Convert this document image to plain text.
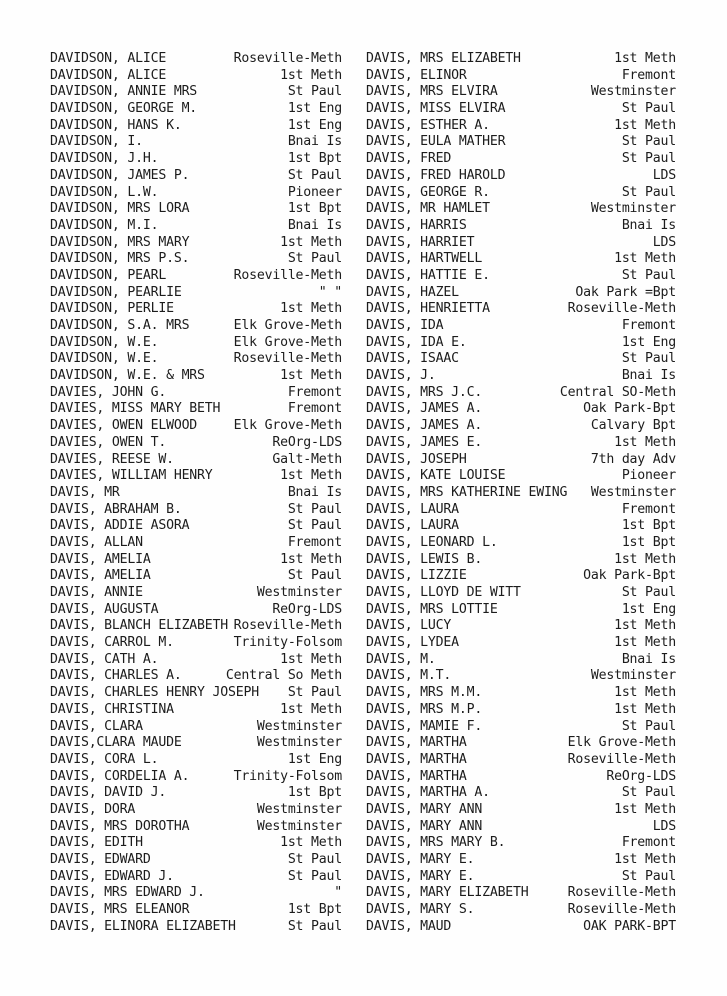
DAVIDSON, ALICE	Roseville-Meth
DAVIDSON, ALICE	1st Meth
DAVIDSON, ANNIE MRS	St Paul
DAVIDSON, GEORGE M.	1st Eng
DAVIDSON, HANS K.	1st Eng
DAVIDSON, I.	Bnai Is
DAVIDSON, J.H.	1st Bpt
DAVIDSON, JAMES P.	St Paul
DAVIDSON, L.W.	Pioneer
DAVIDSON, MRS LORA	1st Bpt
DAVIDSON, M.I.	Bnai Is
DAVIDSON, MRS MARY	1st Meth
DAVIDSON, MRS P.S.	St Paul
DAVIDSON, PEARL	Roseville-Meth
DAVIDSON, PEARLIE	" "
DAVIDSON, PERLIE	1st Meth
DAVIDSON, S.A. MRS	Elk Grove-Meth
DAVIDSON, W.E.	Elk Grove-Meth
DAVIDSON, W.E.	Roseville-Meth
DAVIDSON, W.E. & MRS	1st Meth
DAVIES, JOHN G.	Fremont
DAVIES, MISS MARY BETH	Fremont
DAVIES, OWEN ELWOOD	Elk Grove-Meth
DAVIES, OWEN T.	ReOrg-LDS
DAVIES, REESE W.	Galt-Meth
DAVIES, WILLIAM HENRY	1st Meth
DAVIS, MR	Bnai Is
DAVIS, ABRAHAM B.	St Paul
DAVIS, ADDIE ASORA	St Paul
DAVIS, ALLAN	Fremont
DAVIS, AMELIA	1st Meth
DAVIS, AMELIA	St Paul
DAVIS, ANNIE	Westminster
DAVIS, AUGUSTA	ReOrg-LDS
DAVIS, BLANCH ELIZABETH Roseville-Meth
DAVIS, CARROL M.	Trinity-Folsom
DAVIS, CATH A.	1st Meth
DAVIS, CHARLES A.	Central So Meth
DAVIS, CHARLES HENRY JOSEPH St Paul
DAVIS, CHRISTINA	1st Meth
DAVIS, CLARA	Westminster
DAVIS,CLARA MAUDE	Westminster
DAVIS, CORA L.	1st Eng
DAVIS, CORDELIA A.	Trinity-Folsom
DAVIS, DAVID J.	1st Bpt
DAVIS, DORA	Westminster
DAVIS, MRS DOROTHA	Westminster
DAVIS, EDITH	1st Meth
DAVIS, EDWARD	St Paul
DAVIS, EDWARD J.	St Paul
DAVIS, MRS EDWARD J.	"
DAVIS, MRS ELEANOR	1st Bpt
DAVIS, ELINORA ELIZABETH	St Paul
DAVIS, MRS ELIZABETH	1st Meth
DAVIS, ELINOR	Fremont
DAVIS, MRS ELVIRA	Westminster
DAVIS, MISS ELVIRA	St Paul
DAVIS, ESTHER A.	1st Meth
DAVIS, EULA MATHER	St Paul
DAVIS, FRED	St Paul
DAVIS, FRED HAROLD	LDS
DAVIS, GEORGE R.	St Paul
DAVIS, MR HAMLET	Westminster
DAVIS, HARRIS	Bnai Is
DAVIS, HARRIET	LDS
DAVIS, HARTWELL	1st Meth
DAVIS, HATTIE E.	St Paul
DAVIS, HAZEL	Oak Park =Bpt
DAVIS, HENRIETTA	Roseville-Meth
DAVIS, IDA	Fremont
DAVIS, IDA E.	1st Eng
DAVIS, ISAAC	St Paul
DAVIS, J.	Bnai Is
DAVIS, MRS J.C.	Central SO-Meth
DAVIS, JAMES A.	Oak Park-Bpt
DAVIS, JAMES A.	Calvary Bpt
DAVIS, JAMES E.	1st Meth
DAVIS, JOSEPH	7th day Adv
DAVIS, KATE LOUISE	Pioneer
DAVIS, MRS KATHERINE EWING Westminster
DAVIS, LAURA	Fremont
DAVIS, LAURA	1st Bpt
DAVIS, LEONARD L.	1st Bpt
DAVIS, LEWIS B.	1st Meth
DAVIS, LIZZIE	Oak Park-Bpt
DAVIS, LLOYD DE WITT	St Paul
DAVIS, MRS LOTTIE	1st Eng
DAVIS, LUCY	1st Meth
DAVIS, LYDEA	1st Meth
DAVIS, M.	Bnai Is
DAVIS, M.T.	Westminster
DAVIS, MRS M.M.	1st Meth
DAVIS, MRS M.P.	1st Meth
DAVIS, MAMIE F.	St Paul
DAVIS, MARTHA	Elk Grove-Meth
DAVIS, MARTHA	Roseville-Meth
DAVIS, MARTHA	ReOrg-LDS
DAVIS, MARTHA A.	St Paul
DAVIS, MARY ANN	1st Meth
DAVIS, MARY ANN	LDS
DAVIS, MRS MARY B.	Fremont
DAVIS, MARY E.	1st Meth
DAVIS, MARY E.	St Paul
DAVIS, MARY ELIZABETH	Roseville-Meth
DAVIS, MARY S.	Roseville-Meth
DAVIS, MAUD	OAK PARK-BPT
